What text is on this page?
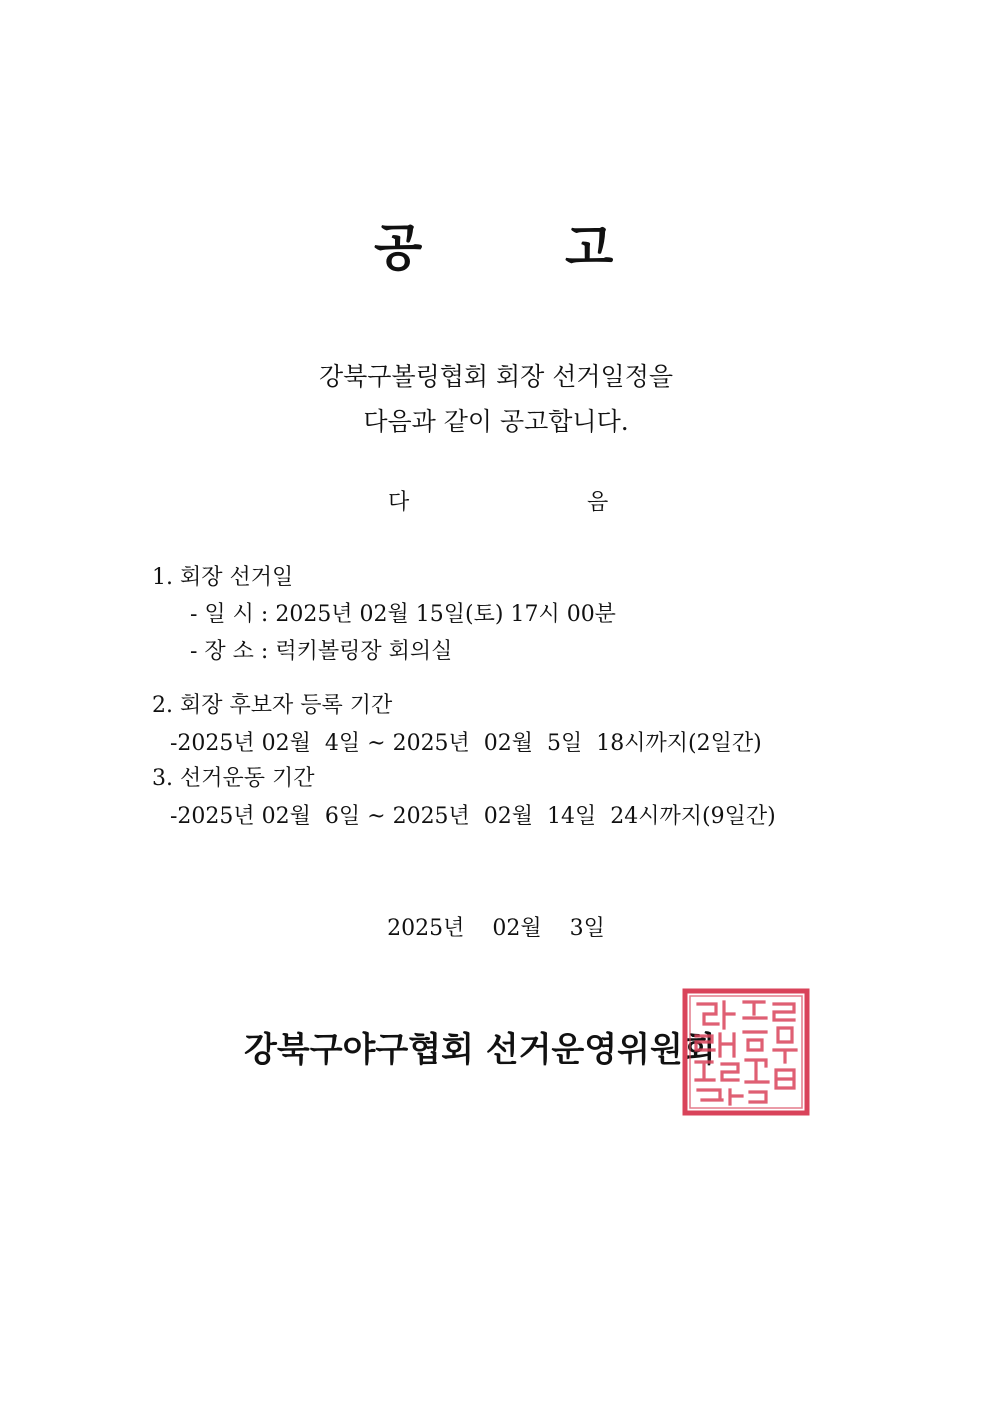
공	고
강북구볼링협회 회장 선거일정을
다음과 같이 공고합니다.
다	음
1. 회장 선거일
- 일 시 : 2025년 02월 15일(토) 17시 00분
- 장 소 : 럭키볼링장 회의실
2. 회장 후보자 등록 기간
-2025년 02월  4일 ~ 2025년  02월  5일  18시까지(2일간)
3. 선거운동 기간
-2025년 02월  6일 ~ 2025년  02월  14일  24시까지(9일간)
2025년    02월    3일
강북구야구협회 선거운영위원회
